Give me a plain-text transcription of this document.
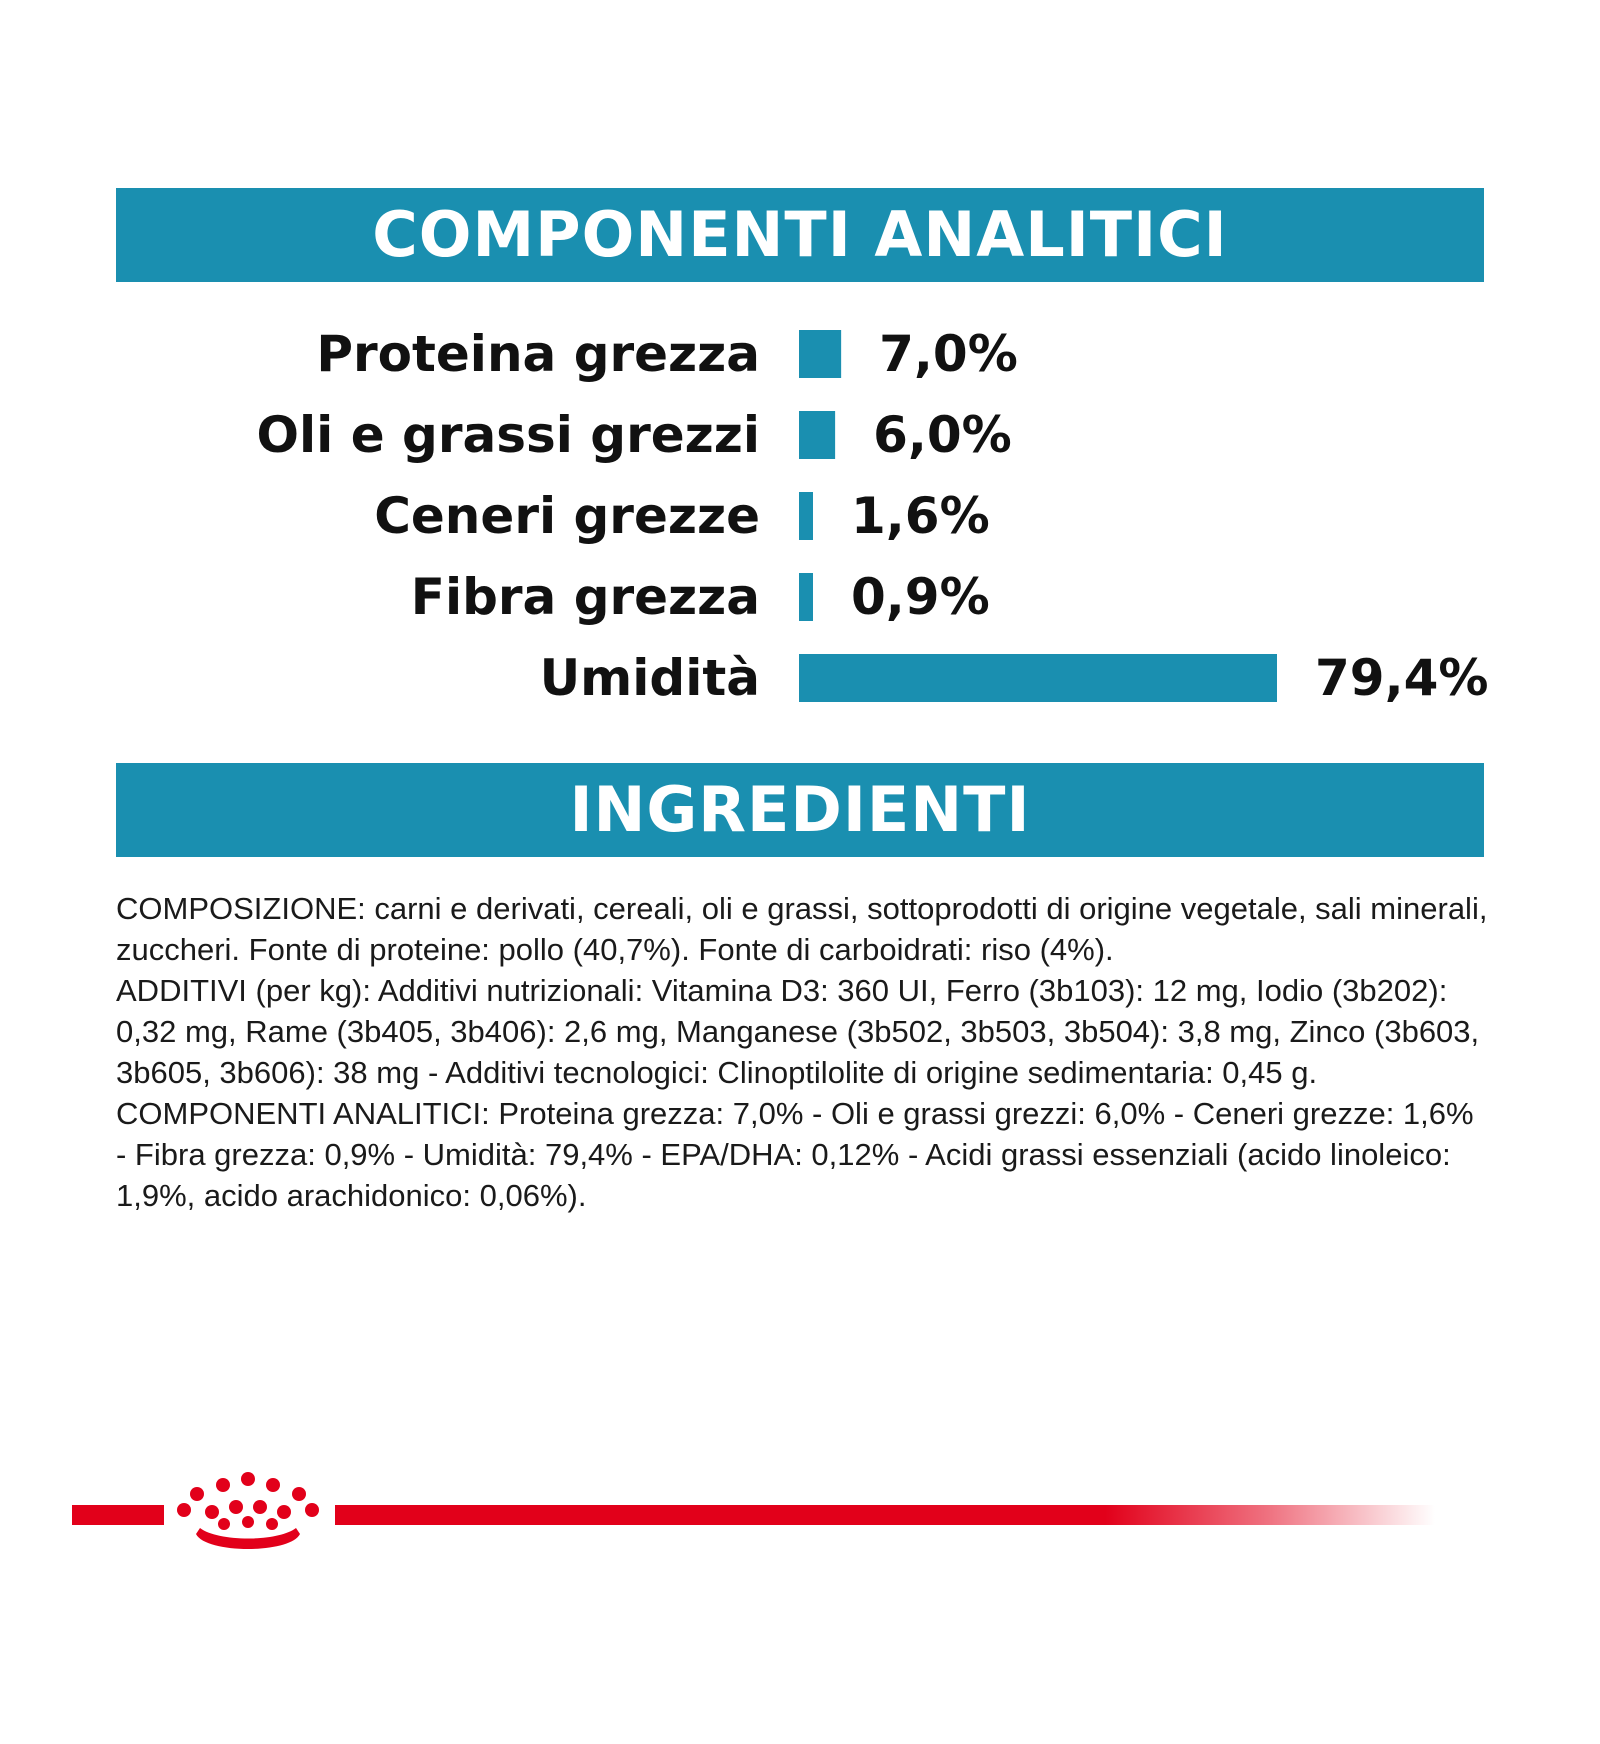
COMPONENTI ANALITICI
Proteina grezza 7,0%
Oli e grassi grezzi 6,0%
Ceneri grezze 1,6%
Fibra grezza 0,9%
Umidità	79,4%
INGREDIENTI

COMPOSIZIONE: carni e derivati, cereali, oli e grassi, sottoprodotti di origine vegetale, sali minerali, zuccheri. Fonte di proteine: pollo (40,7%). Fonte di carboidrati: riso (4%).

ADDITIVI (per kg): Additivi nutrizionali: Vitamina D3: 360 UI, Ferro (3b103): 12 mg, Iodio (3b202): 0,32 mg, Rame (3b405, 3b406): 2,6 mg, Manganese (3b502, 3b503, 3b504): 3,8 mg, Zinco (3b603, 3b605, 3b606): 38 mg - Additivi tecnologici: Clinoptilolite di origine sedimentaria: 0,45 g.

COMPONENTI ANALITICI: Proteina grezza: 7,0% - Oli e grassi grezzi: 6,0% - Ceneri grezze: 1,6% - Fibra grezza: 0,9% - Umidità: 79,4% - EPA/DHA: 0,12% - Acidi grassi essenziali (acido linoleico: 1,9%, acido arachidonico: 0,06%).
